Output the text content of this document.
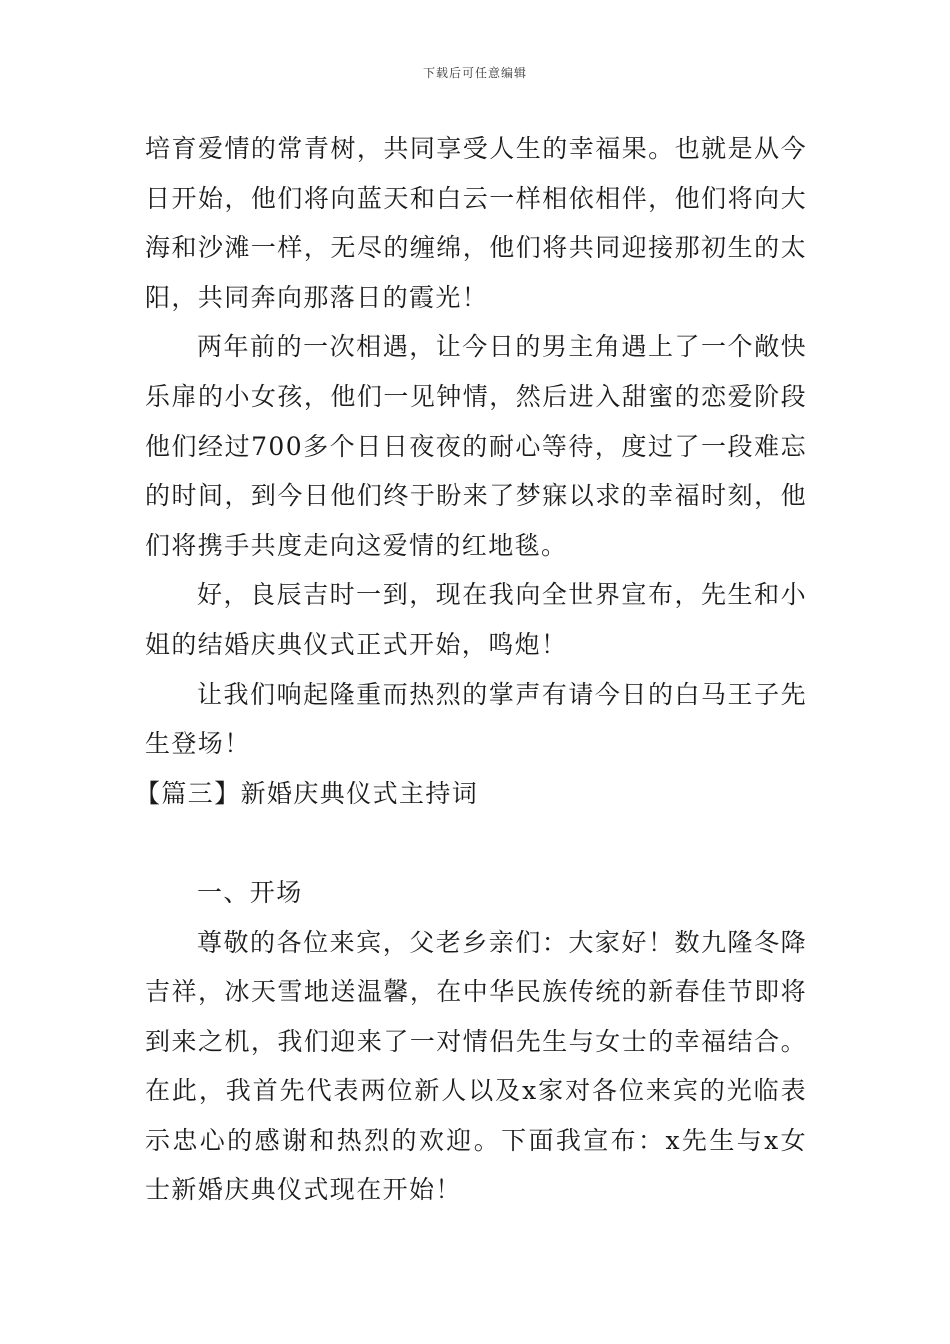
下载后可任意编辑

培育爱情的常青树，共同享受人生的幸福果。也就是从今日开始，他们将向蓝天和白云一样相依相伴，他们将向大海和沙滩一样，无尽的缠绵，他们将共同迎接那初生的太阳，共同奔向那落日的霞光！

两年前的一次相遇，让今日的男主角遇上了一个敞快乐扉的小女孩，他们一见钟情，然后进入甜蜜的恋爱阶段他们经过700多个日日夜夜的耐心等待，度过了一段难忘的时间，到今日他们终于盼来了梦寐以求的幸福时刻，他们将携手共度走向这爱情的红地毯。

好，良辰吉时一到，现在我向全世界宣布，先生和小姐的结婚庆典仪式正式开始，鸣炮！

让我们响起隆重而热烈的掌声有请今日的白马王子先生登场！

【篇三】新婚庆典仪式主持词

一、开场

尊敬的各位来宾，父老乡亲们：大家好！数九隆冬降吉祥，冰天雪地送温馨，在中华民族传统的新春佳节即将到来之机，我们迎来了一对情侣先生与女士的幸福结合。在此，我首先代表两位新人以及x家对各位来宾的光临表示忠心的感谢和热烈的欢迎。下面我宣布：x先生与x女士新婚庆典仪式现在开始！
